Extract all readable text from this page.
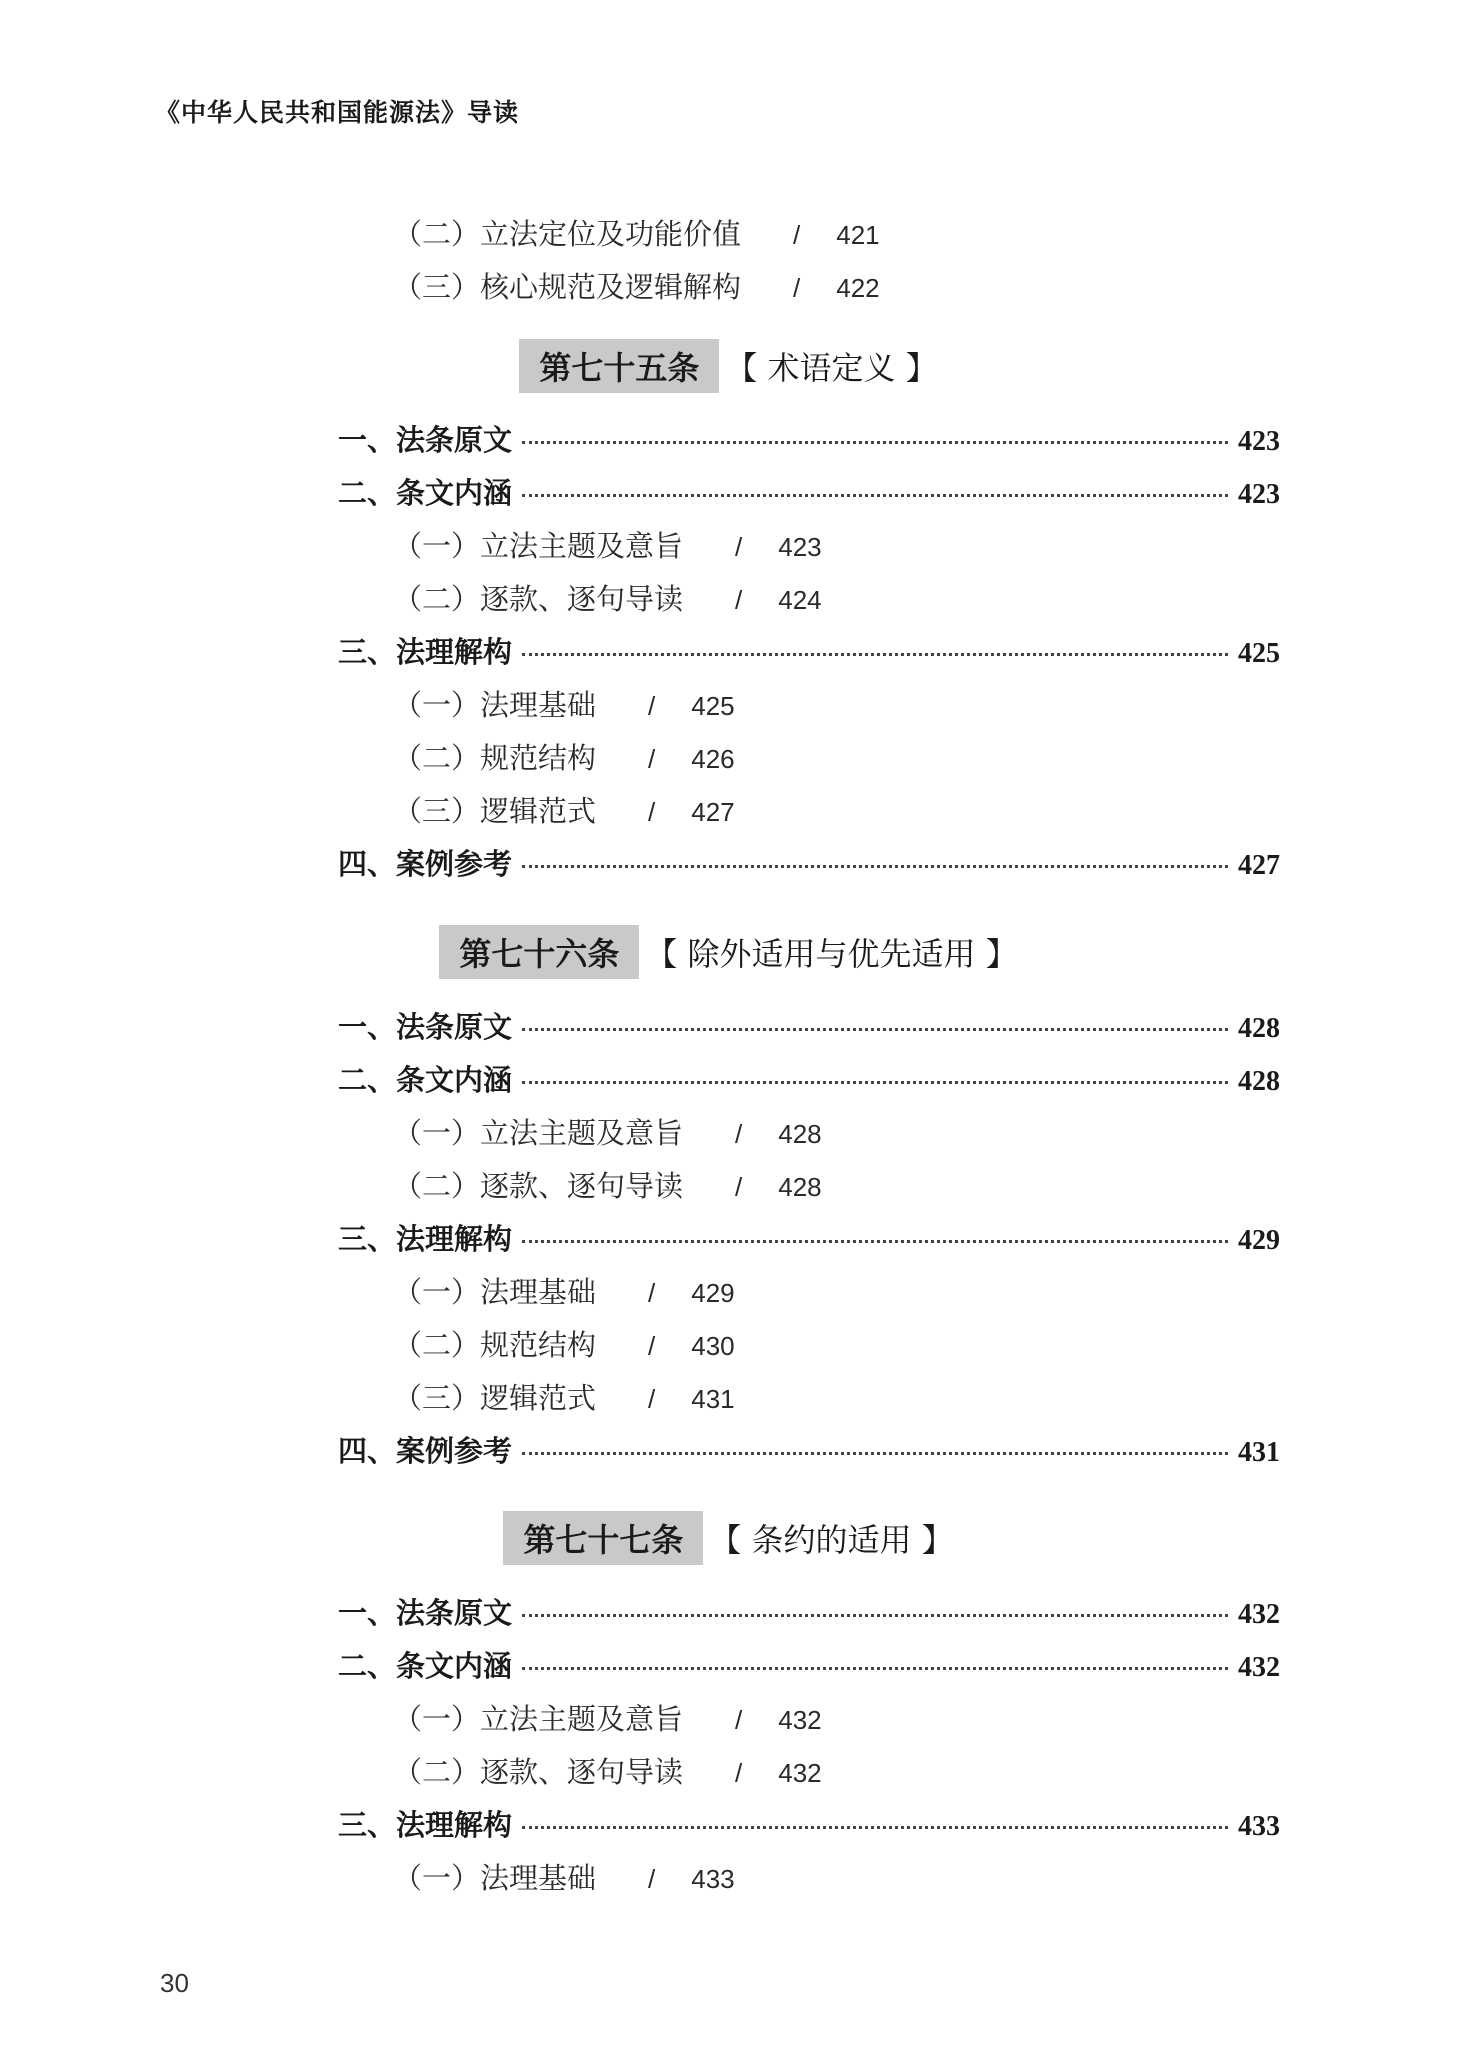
《中华人民共和国能源法》导读
（二）立法定位及功能价值 / 421
（三）核心规范及逻辑解构 / 422
第七十五条 【 术语定义 】
一、法条原文	423
二、条文内涵	423
（一）立法主题及意旨 / 423
（二）逐款、逐句导读 / 424
三、法理解构	425
（一）法理基础 / 425
（二）规范结构 / 426
（三）逻辑范式 / 427
四、案例参考	427
第七十六条 【 除外适用与优先适用 】
一、法条原文	428
二、条文内涵	428
（一）立法主题及意旨 / 428
（二）逐款、逐句导读 / 428
三、法理解构	429
（一）法理基础 / 429
（二）规范结构 / 430
（三）逻辑范式 / 431
四、案例参考	431
第七十七条 【 条约的适用 】
一、法条原文	432
二、条文内涵	432
（一）立法主题及意旨 / 432
（二）逐款、逐句导读 / 432
三、法理解构	433
（一）法理基础 / 433
30
